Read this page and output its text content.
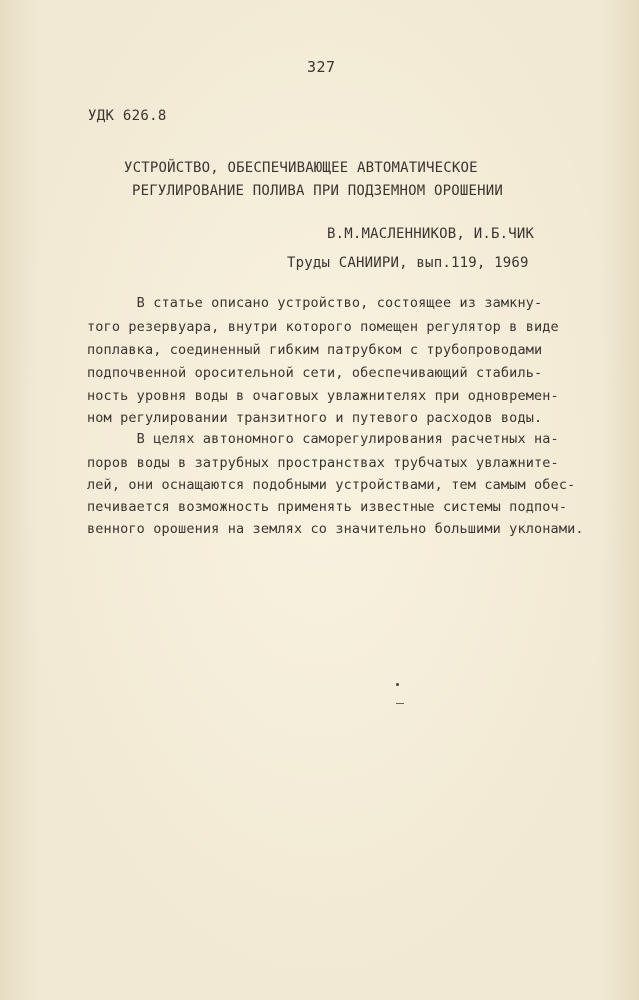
327
УДК 626.8
УСТРОЙСТВО, ОБЕСПЕЧИВАЮЩЕЕ АВТОМАТИЧЕСКОЕ
РЕГУЛИРОВАНИЕ ПОЛИВА ПРИ ПОДЗЕМНОМ ОРОШЕНИИ
В.М.МАСЛЕННИКОВ, И.Б.ЧИК
Труды САНИИРИ, вып.119, 1969
В статье описано устройство, состоящее из замкну-
того резервуара, внутри которого помещен регулятор в виде
поплавка, соединенный гибким патрубком с трубопроводами
подпочвенной оросительной сети, обеспечивающий стабиль-
ность уровня воды в очаговых увлажнителях при одновремен-
ном регулировании транзитного и путевого расходов воды.
В целях автономного саморегулирования расчетных на-
поров воды в затрубных пространствах трубчатых увлажните-
лей, они оснащаются подобными устройствами, тем самым обес-
печивается возможность применять известные системы подпоч-
венного орошения на землях со значительно большими уклонами.
